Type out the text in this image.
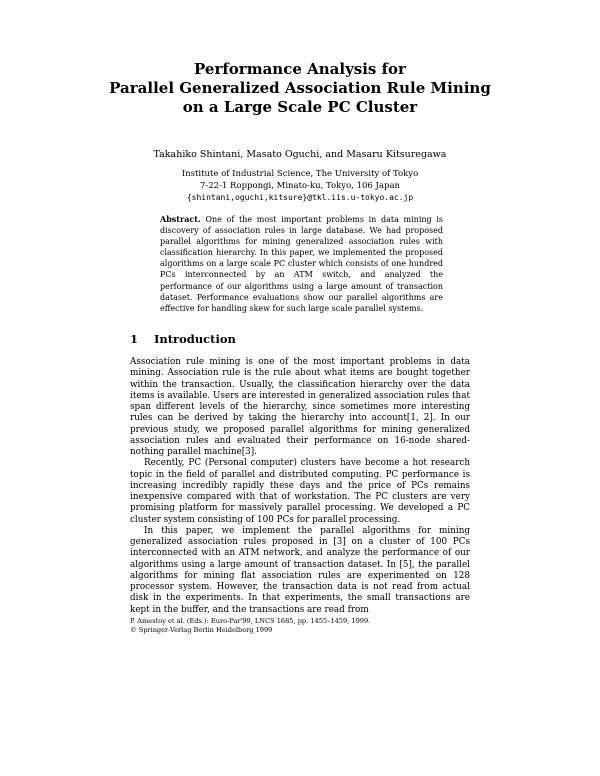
Performance Analysis for
Parallel Generalized Association Rule Mining
on a Large Scale PC Cluster
Takahiko Shintani, Masato Oguchi, and Masaru Kitsuregawa
Institute of Industrial Science, The University of Tokyo
7-22-1 Roppongi, Minato-ku, Tokyo, 106 Japan
{shintani,oguchi,kitsure}@tkl.iis.u-tokyo.ac.jp
Abstract. One of the most important problems in data mining is discovery of association rules in large database. We had proposed parallel algorithms for mining generalized association rules with classification hierarchy. In this paper, we implemented the proposed algorithms on a large scale PC cluster which consists of one hundred PCs interconnected by an ATM switch, and analyzed the performance of our algorithms using a large amount of transaction dataset. Performance evaluations show our parallel algorithms are effective for handling skew for such large scale parallel systems.
1 Introduction

Association rule mining is one of the most important problems in data mining. Association rule is the rule about what items are bought together within the transaction. Usually, the classification hierarchy over the data items is available. Users are interested in generalized association rules that span different levels of the hierarchy, since sometimes more interesting rules can be derived by taking the hierarchy into account[1, 2]. In our previous study, we proposed parallel algorithms for mining generalized association rules and evaluated their performance on 16-node shared-nothing parallel machine[3].

Recently, PC (Personal computer) clusters have become a hot research topic in the field of parallel and distributed computing. PC performance is increasing incredibly rapidly these days and the price of PCs remains inexpensive compared with that of workstation. The PC clusters are very promising platform for massively parallel processing. We developed a PC cluster system consisting of 100 PCs for parallel processing.

In this paper, we implement the parallel algorithms for mining generalized association rules proposed in [3] on a cluster of 100 PCs interconnected with an ATM network, and analyze the performance of our algorithms using a large amount of transaction dataset. In [5], the parallel algorithms for mining flat association rules are experimented on 128 processor system. However, the transaction data is not read from actual disk in the experiments. In that experiments, the small transactions are kept in the buffer, and the transactions are read from

P. Amestoy et al. (Eds.): Euro-Par'99, LNCS 1685, pp. 1455–1459, 1999.
© Springer-Verlag Berlin Heidelberg 1999
